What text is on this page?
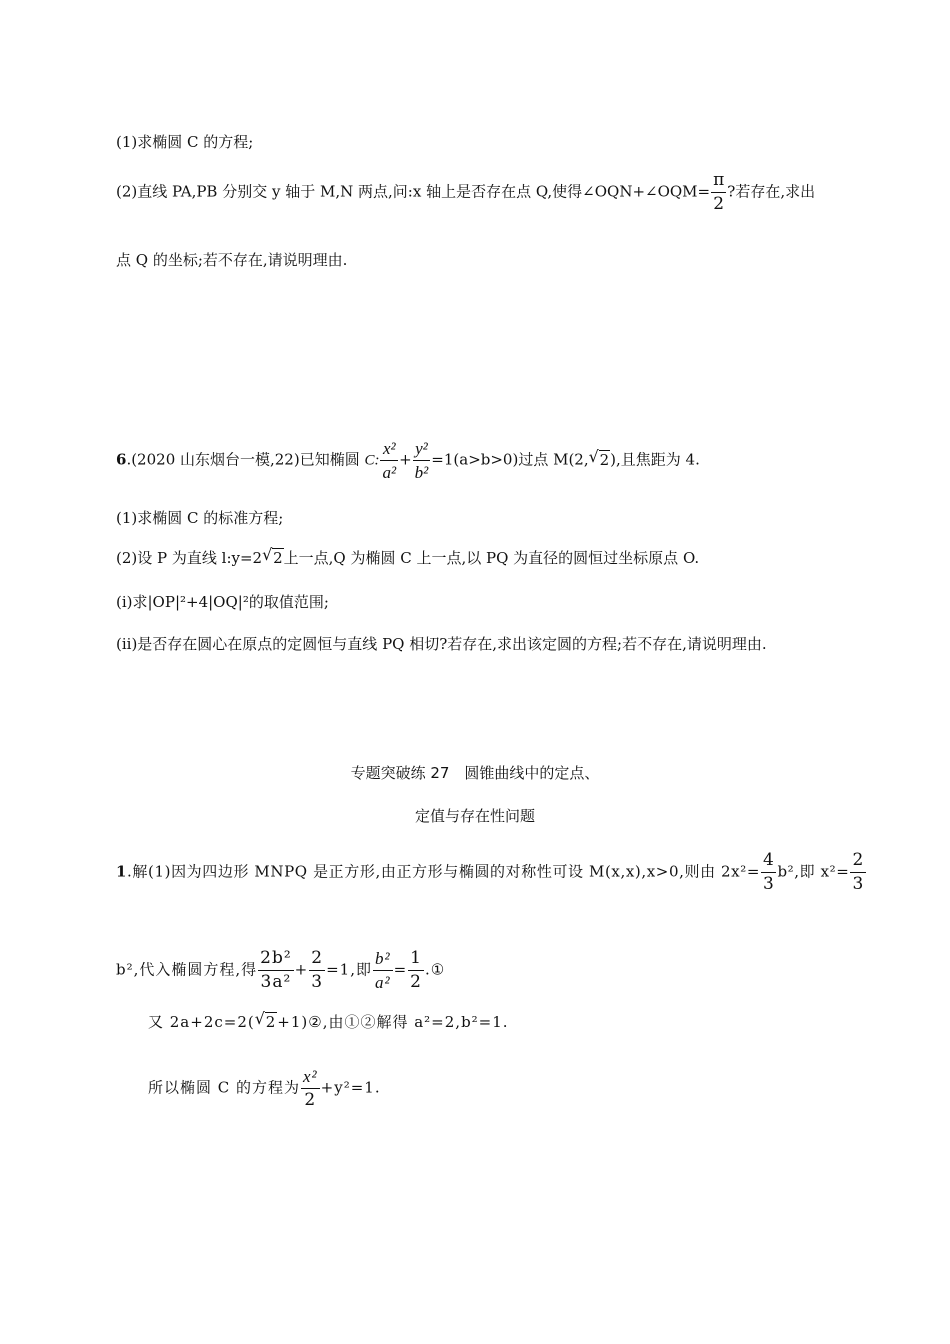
(1)求椭圆 C 的方程;
(2)直线 PA,PB 分别交 y 轴于 M,N 两点,问:x 轴上是否存在点 Q,使得∠OQN+∠OQM= $\frac{\pi}{2}$ ?若存在,求出
点 Q 的坐标;若不存在,请说明理由.
6.(2020 山东烟台一模,22)已知椭圆 C: $\frac{\text{x²}}{\text{a²}} + \frac{\text{y²}}{\text{b²}} =1(a>b>0)$过点 M(2, √ 2),且焦距为 4.
(1)求椭圆 C 的标准方程;
(2)设 P 为直线 l:y=2 √ 2上一点,Q 为椭圆 C 上一点,以 PQ 为直径的圆恒过坐标原点 O.
(i)求|OP|²+4|OQ|²的取值范围;
(ii)是否存在圆心在原点的定圆恒与直线 PQ 相切?若存在,求出该定圆的方程;若不存在,请说明理由.
专题突破练 27　圆锥曲线中的定点、
定值与存在性问题
1.解(1)因为四边形 MNPQ 是正方形,由正方形与椭圆的对称性可设 M(x,x),x>0,则由 $2x^2= \frac{4}{3} b^2$,即 $x^2= \frac{2}{3}$
b²,代入椭圆方程,得 $\frac{\text{2b²}}{\text{3a²}} + \frac{2}{3} =1$,即 $\frac{\text{b²}}{\text{a²}} = \frac{1}{2}$ .①
又 2a+2c=2( √ 2+1)②,由①②解得 a²=2,b²=1.
所以椭圆 C 的方程为 $\frac{\text{x²}}{2} +y^2=1$.
